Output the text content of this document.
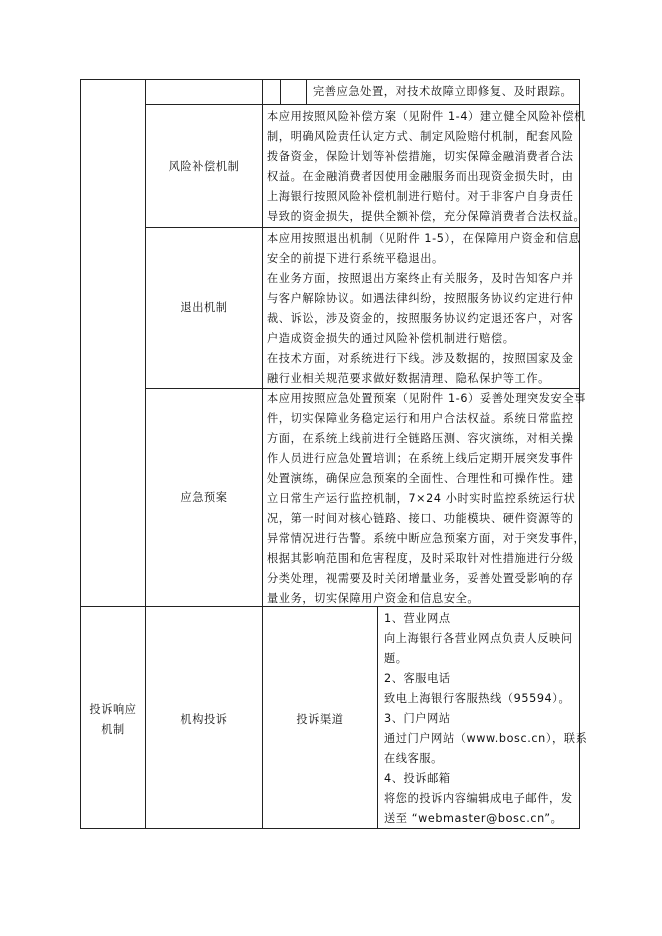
完善应急处置，对技术故障立即修复、及时跟踪。
风险补偿机制
本应用按照风险补偿方案（见附件 1-4）建立健全风险补偿机
制，明确风险责任认定方式、制定风险赔付机制，配套风险
拨备资金，保险计划等补偿措施，切实保障金融消费者合法
权益。在金融消费者因使用金融服务而出现资金损失时，由
上海银行按照风险补偿机制进行赔付。对于非客户自身责任
导致的资金损失，提供全额补偿，充分保障消费者合法权益。
退出机制
本应用按照退出机制（见附件 1-5），在保障用户资金和信息
安全的前提下进行系统平稳退出。
在业务方面，按照退出方案终止有关服务，及时告知客户并
与客户解除协议。如遇法律纠纷，按照服务协议约定进行仲
裁、诉讼，涉及资金的，按照服务协议约定退还客户，对客
户造成资金损失的通过风险补偿机制进行赔偿。
在技术方面，对系统进行下线。涉及数据的，按照国家及金
融行业相关规范要求做好数据清理、隐私保护等工作。
应急预案
本应用按照应急处置预案（见附件 1-6）妥善处理突发安全事
件，切实保障业务稳定运行和用户合法权益。系统日常监控
方面，在系统上线前进行全链路压测、容灾演练，对相关操
作人员进行应急处置培训；在系统上线后定期开展突发事件
处置演练，确保应急预案的全面性、合理性和可操作性。建
立日常生产运行监控机制，7×24 小时实时监控系统运行状
况，第一时间对核心链路、接口、功能模块、硬件资源等的
异常情况进行告警。系统中断应急预案方面，对于突发事件，
根据其影响范围和危害程度，及时采取针对性措施进行分级
分类处理，视需要及时关闭增量业务，妥善处置受影响的存
量业务，切实保障用户资金和信息安全。
投诉响应
机制
机构投诉	投诉渠道
1、营业网点
向上海银行各营业网点负责人反映问
题。
2、客服电话
致电上海银行客服热线（95594）。
3、门户网站
通过门户网站（www.bosc.cn），联系
在线客服。
4、投诉邮箱
将您的投诉内容编辑成电子邮件，发
送至 “webmaster@bosc.cn”。
